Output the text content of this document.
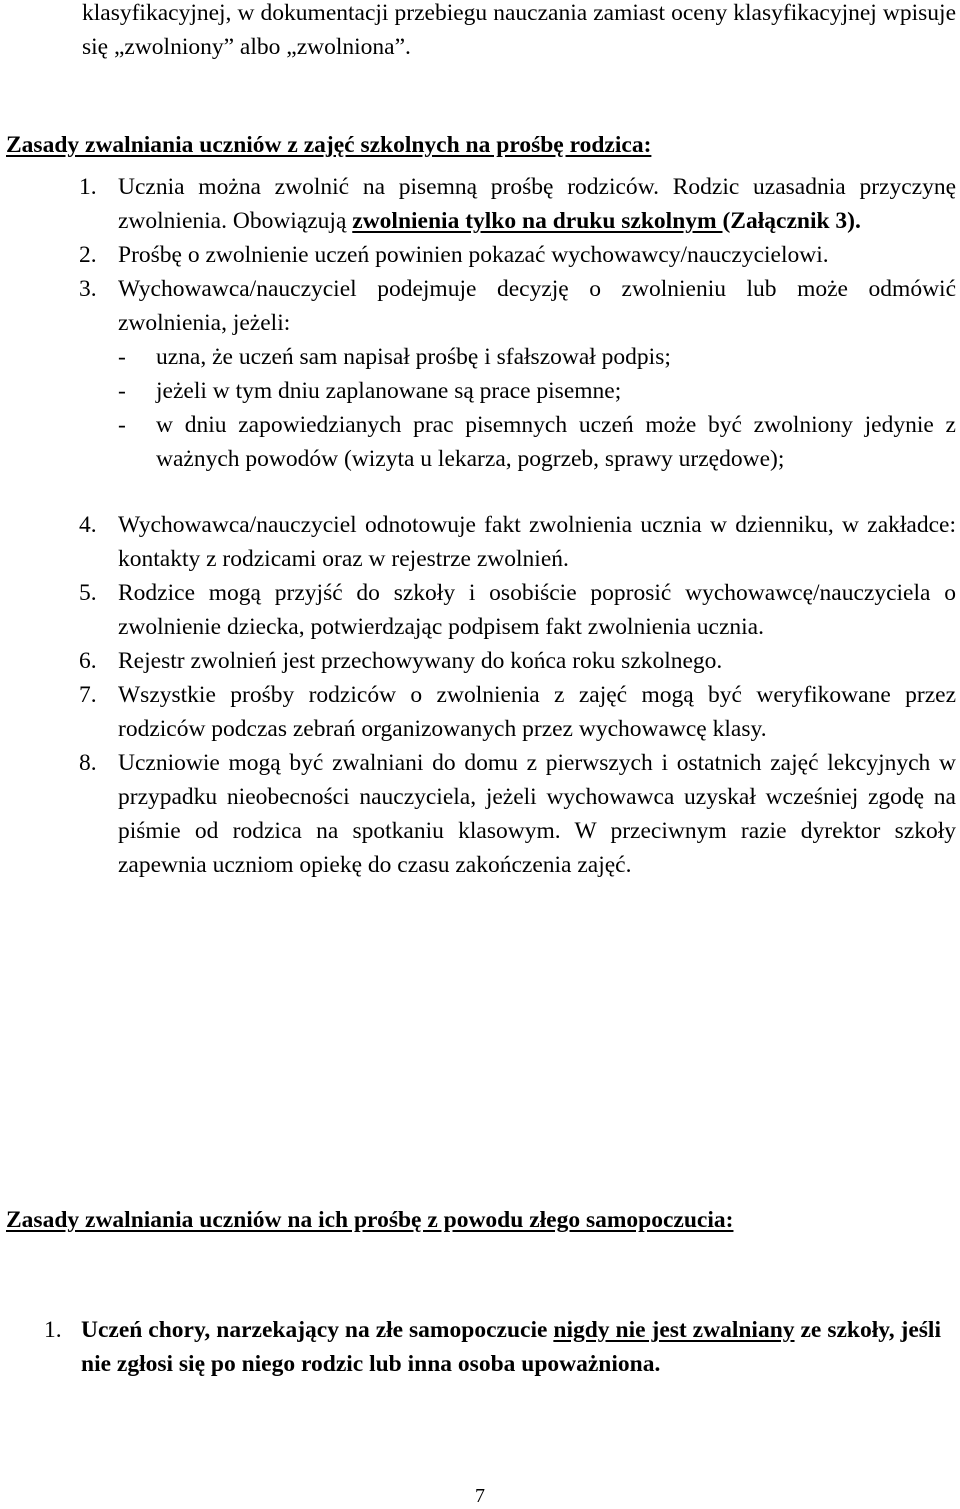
klasyfikacyjnej, w dokumentacji przebiegu nauczania zamiast oceny klasyfikacyjnej wpisuje się „zwolniony” albo „zwolniona”.
Zasady zwalniania uczniów z zajęć szkolnych na prośbę rodzica:
1. Ucznia można zwolnić na pisemną prośbę rodziców. Rodzic uzasadnia przyczynę zwolnienia. Obowiązują zwolnienia tylko na druku szkolnym (Załącznik 3).
2. Prośbę o zwolnienie uczeń powinien pokazać wychowawcy/nauczycielowi.
3. Wychowawca/nauczyciel podejmuje decyzję o zwolnieniu lub może odmówić zwolnienia, jeżeli:
- uzna, że uczeń sam napisał prośbę i sfałszował podpis;
- jeżeli w tym dniu zaplanowane są prace pisemne;
- w dniu zapowiedzianych prac pisemnych uczeń może być zwolniony jedynie z ważnych powodów (wizyta u lekarza, pogrzeb, sprawy urzędowe);
4. Wychowawca/nauczyciel odnotowuje fakt zwolnienia ucznia w dzienniku, w zakładce: kontakty z rodzicami oraz w rejestrze zwolnień.
5. Rodzice mogą przyjść do szkoły i osobiście poprosić wychowawcę/nauczyciela o zwolnienie dziecka, potwierdzając podpisem fakt zwolnienia ucznia.
6. Rejestr zwolnień jest przechowywany do końca roku szkolnego.
7. Wszystkie prośby rodziców o zwolnienia z zajęć mogą być weryfikowane przez rodziców podczas zebrań organizowanych przez wychowawcę klasy.
8. Uczniowie mogą być zwalniani do domu z pierwszych i ostatnich zajęć lekcyjnych w przypadku nieobecności nauczyciela, jeżeli wychowawca uzyskał wcześniej zgodę na piśmie od rodzica na spotkaniu klasowym. W przeciwnym razie dyrektor szkoły zapewnia uczniom opiekę do czasu zakończenia zajęć.
Zasady zwalniania uczniów na ich prośbę z powodu złego samopoczucia:
1. Uczeń chory, narzekający na złe samopoczucie nigdy nie jest zwalniany ze szkoły, jeśli nie zgłosi się po niego rodzic lub inna osoba upoważniona.
7
